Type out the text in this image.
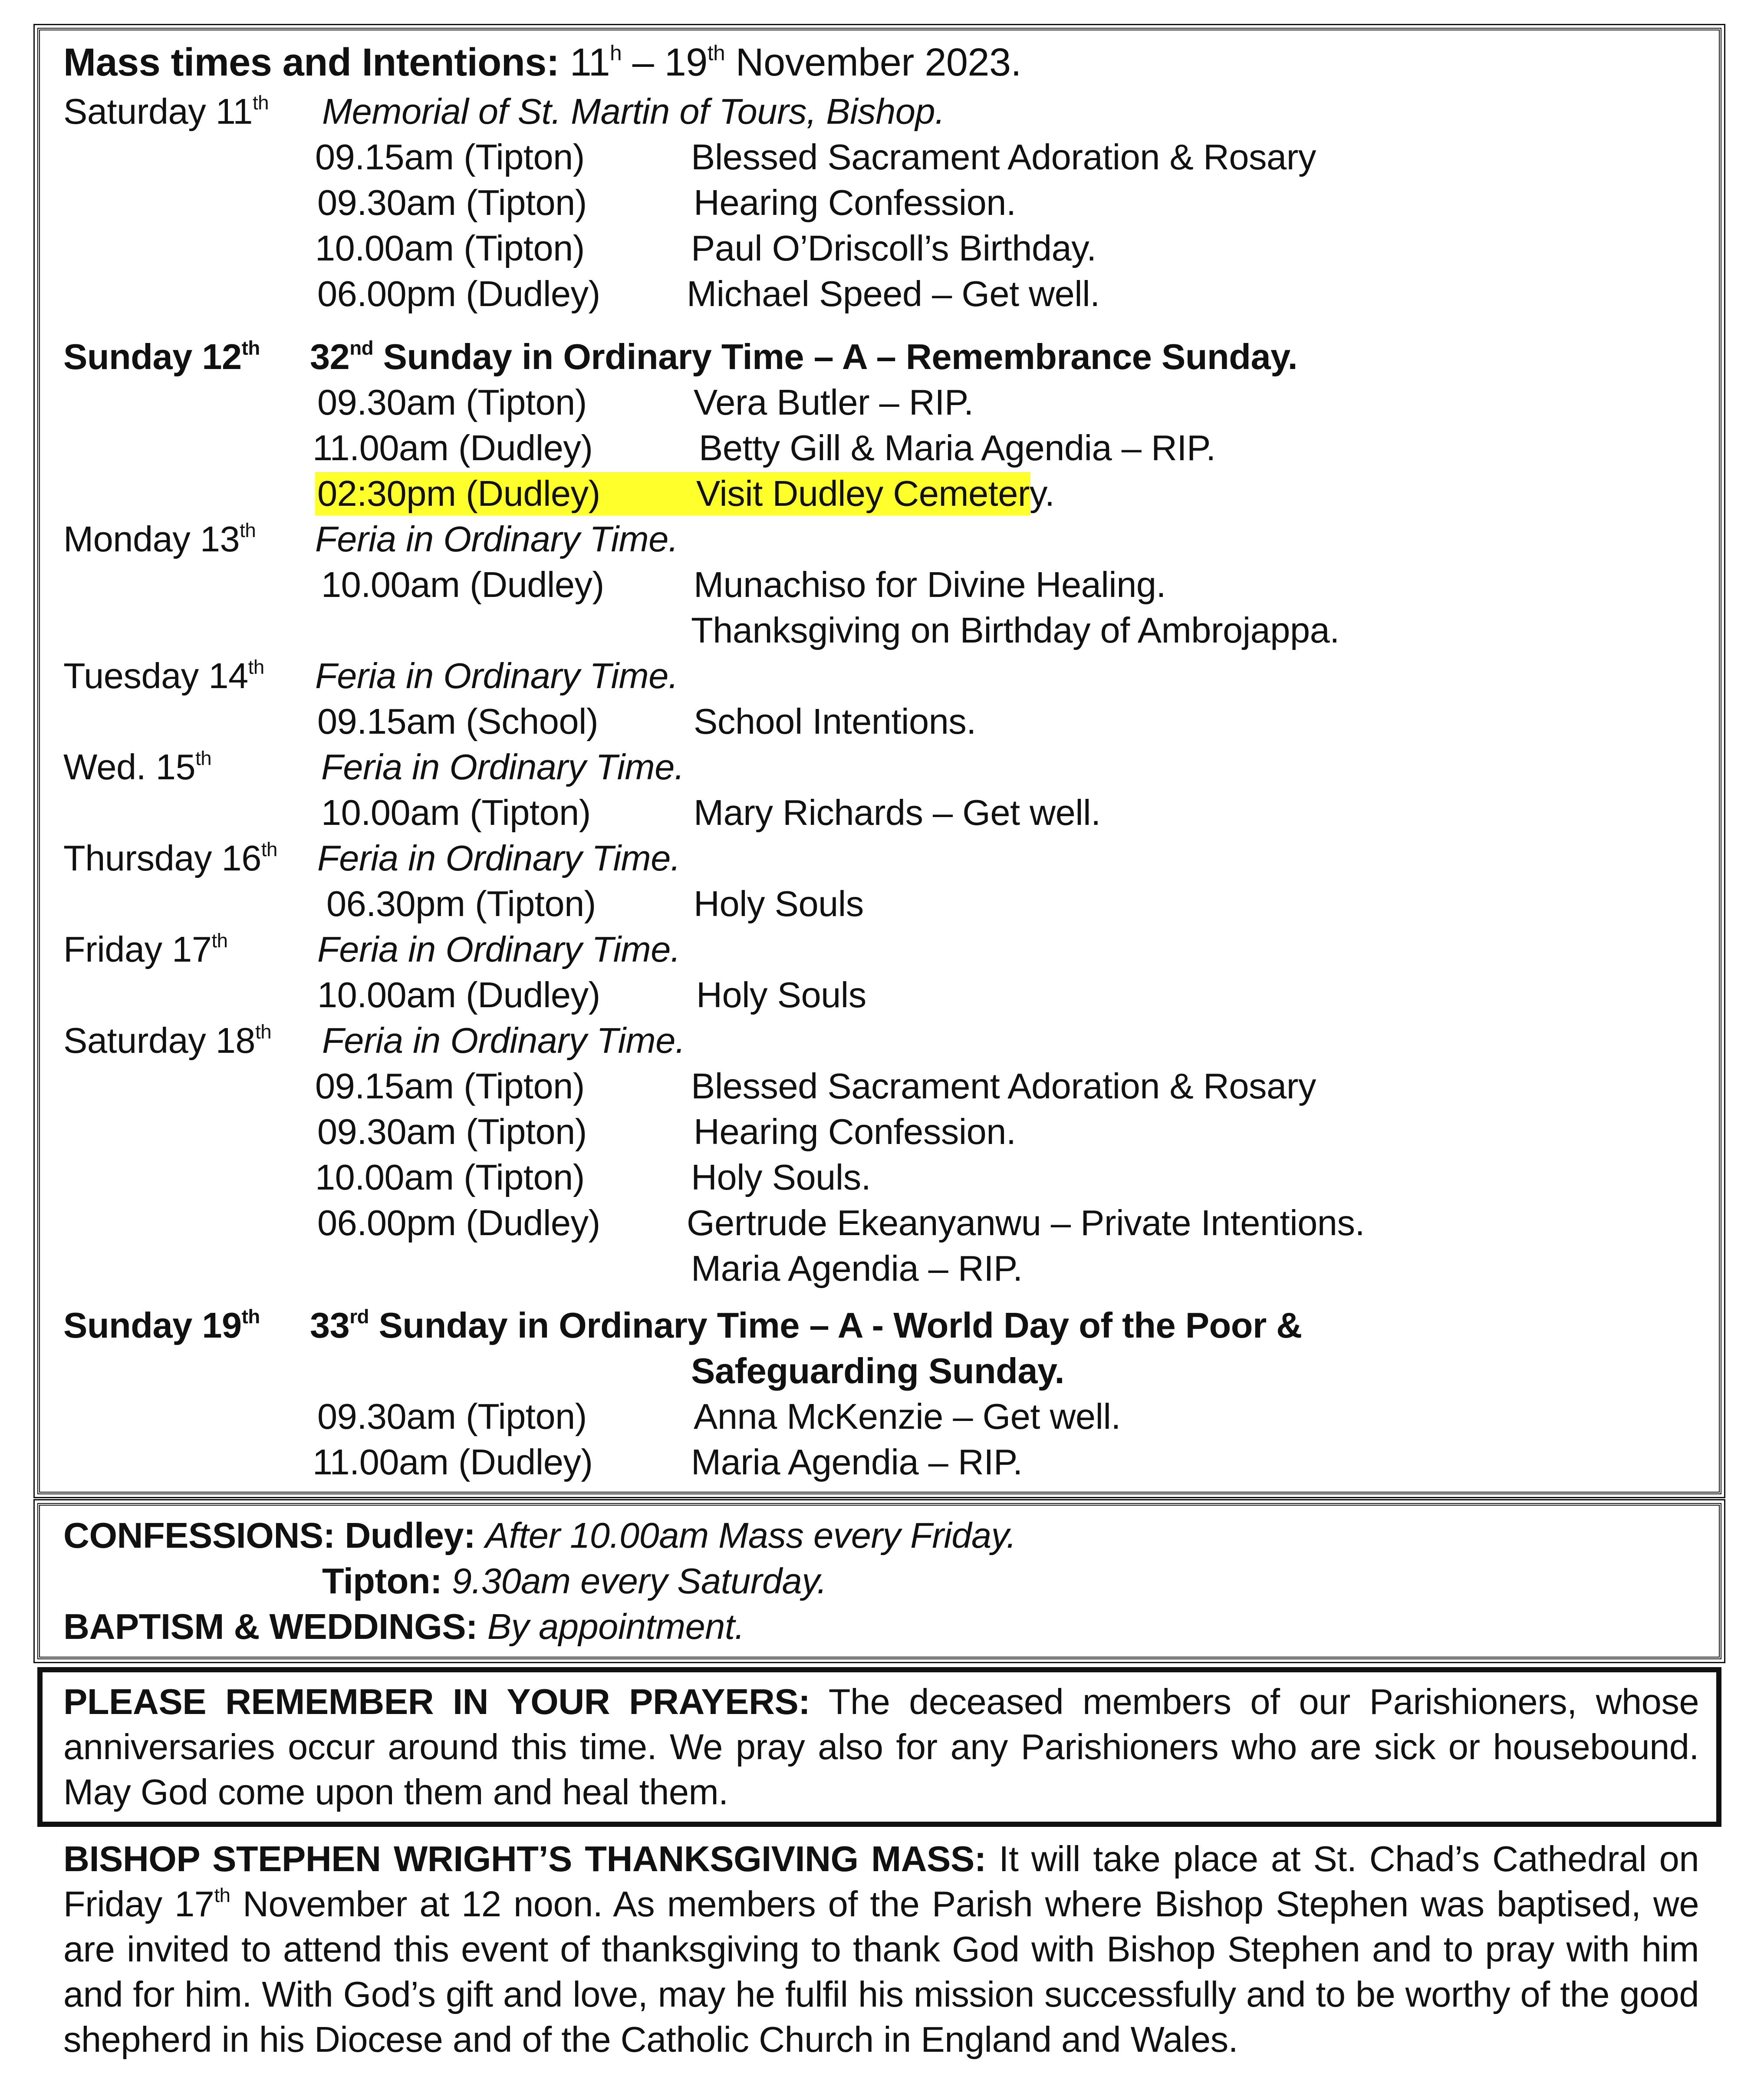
Mass times and Intentions: 11$^h$ – 19th November 2023.
Saturday 11th Memorial of St. Martin of Tours, Bishop.
09.15am (Tipton)	Blessed Sacrament Adoration & Rosary
09.30am (Tipton)	Hearing Confession.
10.00am (Tipton)	Paul O’Driscoll’s Birthday.
06.00pm (Dudley) Michael Speed – Get well.
Sunday 12th 32nd Sunday in Ordinary Time – A – Remembrance Sunday.
09.30am (Tipton)	Vera Butler – RIP.
11.00am (Dudley)	Betty Gill & Maria Agendia – RIP.
02:30pm (Dudley)	Visit Dudley Cemetery.
Monday 13th Feria in Ordinary Time.
10.00am (Dudley) Munachiso for Divine Healing.
Thanksgiving on Birthday of Ambrojappa.
Tuesday 14th Feria in Ordinary Time.
09.15am (School)	School Intentions.
Wed. 15th	Feria in Ordinary Time.
10.00am (Tipton)	Mary Richards – Get well.
Thursday 16th Feria in Ordinary Time.
06.30pm (Tipton)	Holy Souls
Friday 17th Feria in Ordinary Time.
10.00am (Dudley)	Holy Souls
Saturday 18th Feria in Ordinary Time.
09.15am (Tipton)	Blessed Sacrament Adoration & Rosary
09.30am (Tipton)	Hearing Confession.
10.00am (Tipton)	Holy Souls.
06.00pm (Dudley) Gertrude Ekeanyanwu – Private Intentions.
Maria Agendia – RIP.
Sunday 19th 33rd Sunday in Ordinary Time – A - World Day of the Poor &
Safeguarding Sunday.
09.30am (Tipton)	Anna McKenzie – Get well.
11.00am (Dudley)	Maria Agendia – RIP.
CONFESSIONS: Dudley: After 10.00am Mass every Friday.
Tipton: 9.30am every Saturday.
BAPTISM & WEDDINGS: By appointment.
PLEASE REMEMBER IN YOUR PRAYERS: The deceased members of our Parishioners, whose anniversaries occur around this time. We pray also for any Parishioners who are sick or housebound. May God come upon them and heal them.
BISHOP STEPHEN WRIGHT’S THANKSGIVING MASS: It will take place at St. Chad’s Cathedral on Friday 17th November at 12 noon. As members of the Parish where Bishop Stephen was baptised, we are invited to attend this event of thanksgiving to thank God with Bishop Stephen and to pray with him and for him. With God’s gift and love, may he fulfil his mission successfully and to be worthy of the good shepherd in his Diocese and of the Catholic Church in England and Wales.
